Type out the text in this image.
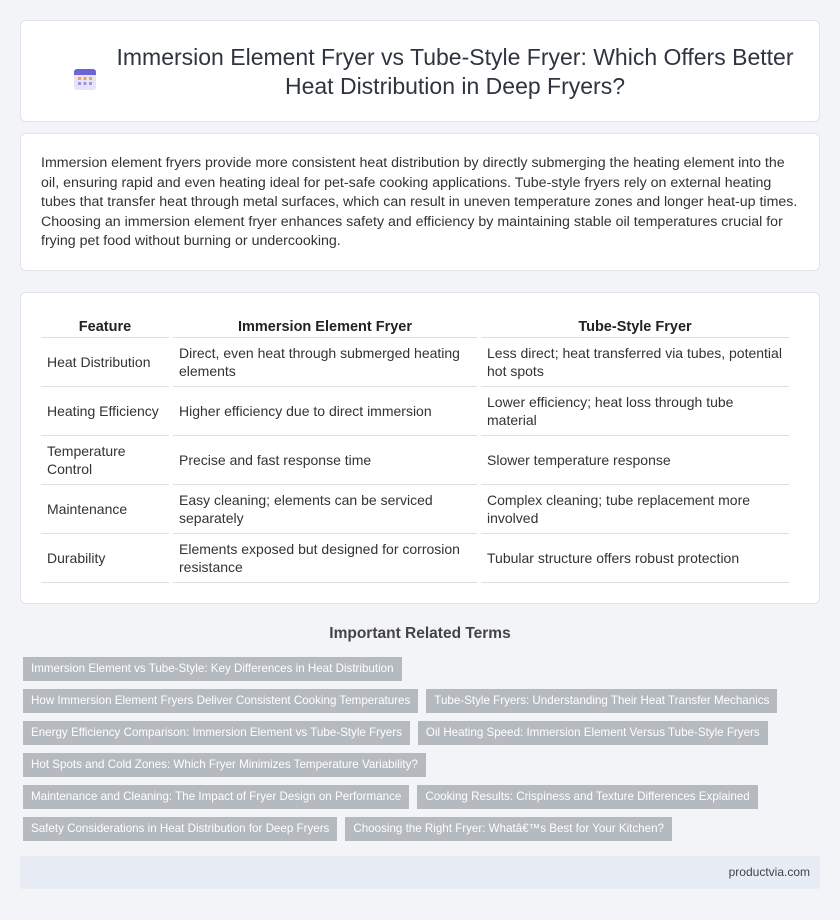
Immersion Element Fryer vs Tube-Style Fryer: Which Offers Better Heat Distribution in Deep Fryers?

Immersion element fryers provide more consistent heat distribution by directly submerging the heating element into the oil, ensuring rapid and even heating ideal for pet-safe cooking applications. Tube-style fryers rely on external heating tubes that transfer heat through metal surfaces, which can result in uneven temperature zones and longer heat-up times. Choosing an immersion element fryer enhances safety and efficiency by maintaining stable oil temperatures crucial for frying pet food without burning or undercooking.

Feature	Immersion Element Fryer	Tube-Style Fryer
Heat Distribution	Direct, even heat through submerged heating elements	Less direct; heat transferred via tubes, potential hot spots
Heating Efficiency	Higher efficiency due to direct immersion	Lower efficiency; heat loss through tube material
Temperature Control	Precise and fast response time	Slower temperature response
Maintenance	Easy cleaning; elements can be serviced separately	Complex cleaning; tube replacement more involved
Durability	Elements exposed but designed for corrosion resistance	Tubular structure offers robust protection
Important Related Terms
Immersion Element vs Tube-Style: Key Differences in Heat Distribution
How Immersion Element Fryers Deliver Consistent Cooking Temperatures	Tube-Style Fryers: Understanding Their Heat Transfer Mechanics
Energy Efficiency Comparison: Immersion Element vs Tube-Style Fryers	Oil Heating Speed: Immersion Element Versus Tube-Style Fryers
Hot Spots and Cold Zones: Which Fryer Minimizes Temperature Variability?
Maintenance and Cleaning: The Impact of Fryer Design on Performance	Cooking Results: Crispiness and Texture Differences Explained
Safety Considerations in Heat Distribution for Deep Fryers	Choosing the Right Fryer: Whatâ€™s Best for Your Kitchen?
productvia.com
